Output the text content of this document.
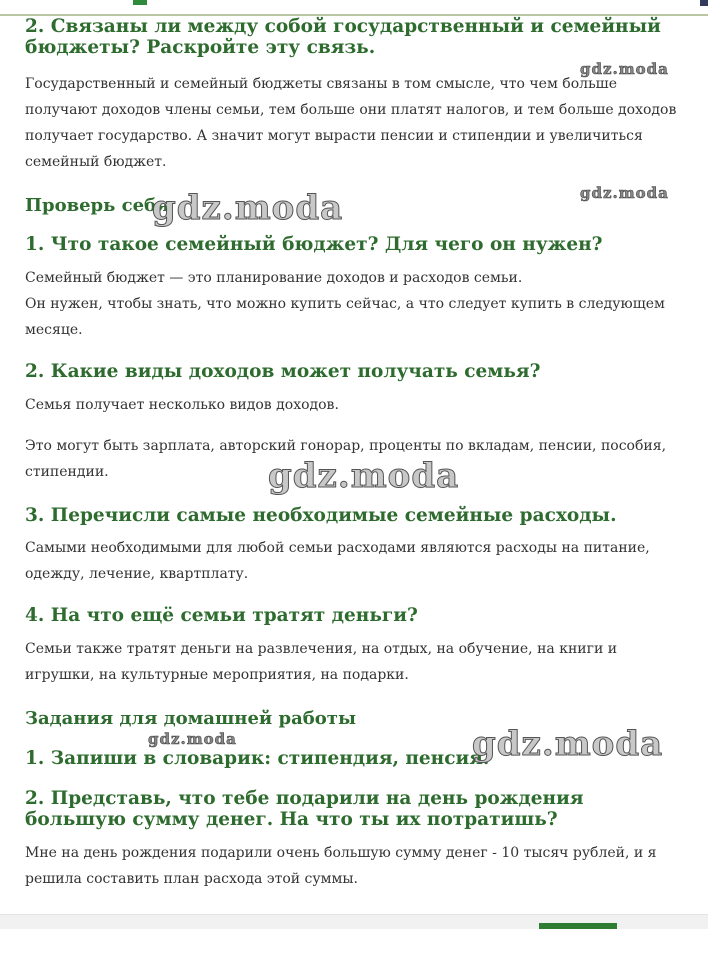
2. Связаны ли между собой государственный и семейный бюджеты? Раскройте эту связь.

Государственный и семейный бюджеты связаны в том смысле, что чем больше получают доходов члены семьи, тем больше они платят налогов, и тем больше доходов получает государство. А значит могут вырасти пенсии и стипендии и увеличиться семейный бюджет.

Проверь себя
1. Что такое семейный бюджет? Для чего он нужен?

Семейный бюджет — это планирование доходов и расходов семьи.

Он нужен, чтобы знать, что можно купить сейчас, а что следует купить в следующем месяце.

2. Какие виды доходов может получать семья?

Семья получает несколько видов доходов.

Это могут быть зарплата, авторский гонорар, проценты по вкладам, пенсии, пособия, стипендии.

3. Перечисли самые необходимые семейные расходы.

Самыми необходимыми для любой семьи расходами являются расходы на питание, одежду, лечение, квартплату.

4. На что ещё семьи тратят деньги?

Семьи также тратят деньги на развлечения, на отдых, на обучение, на книги и игрушки, на культурные мероприятия, на подарки.

Задания для домашней работы
1. Запиши в словарик: стипендия, пенсия.
2. Представь, что тебе подарили на день рождения большую сумму денег. На что ты их потратишь?

Мне на день рождения подарили очень большую сумму денег - 10 тысяч рублей, и я решила составить план расхода этой суммы.

gdz.moda
gdz.moda
gdz.moda
gdz.moda
gdz.moda	gdz.moda
